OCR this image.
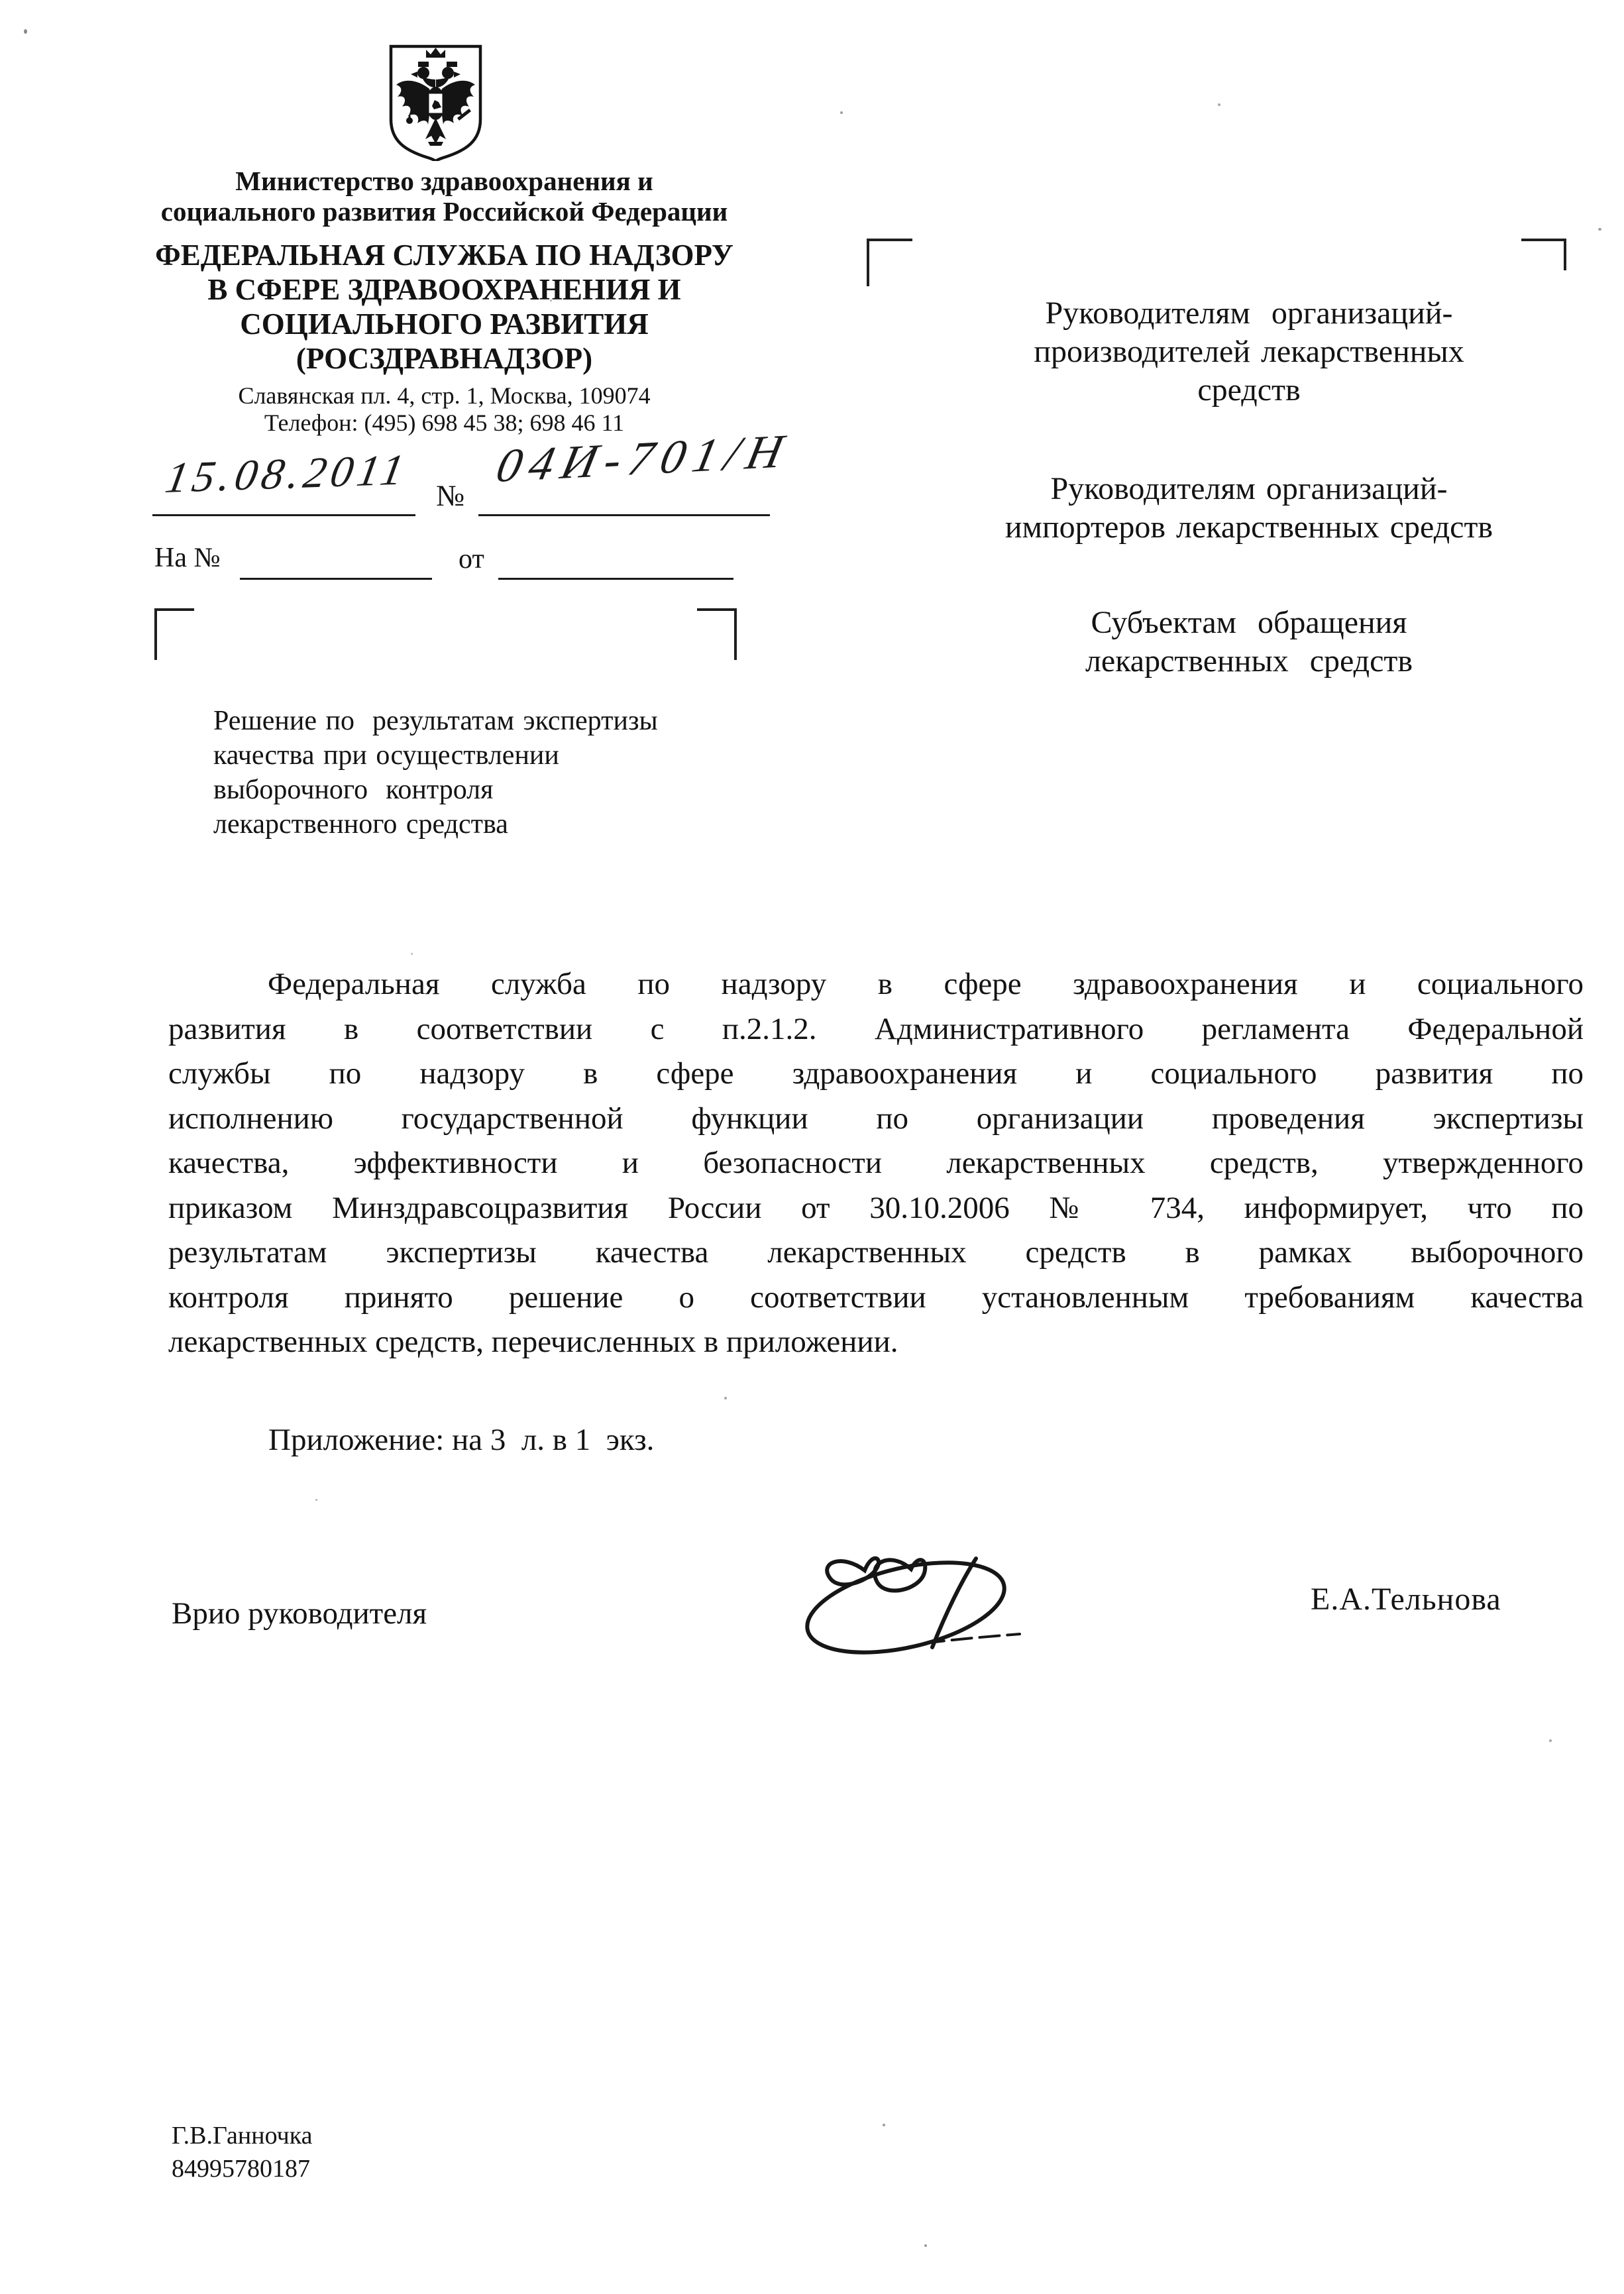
Министерство здравоохранения и
социального развития Российской Федерации
ФЕДЕРАЛЬНАЯ СЛУЖБА ПО НАДЗОРУ
В СФЕРЕ ЗДРАВООХРАНЕНИЯ И
СОЦИАЛЬНОГО РАЗВИТИЯ
(РОСЗДРАВНАДЗОР)
Славянская пл. 4, стр. 1, Москва, 109074
Телефон: (495) 698 45 38; 698 46 11
15.08.2011 №
04И-701/Н
На №	от
Решение по  результатам экспертизы
качества при осуществлении
выборочного  контроля
лекарственного средства
Руководителям  организаций-
производителей лекарственных
средств
Руководителям организаций-
импортеров лекарственных средств
Субъектам  обращения
лекарственных  средств
Федеральная служба по надзору в сфере здравоохранения и социального
развития в соответствии с п.2.1.2. Административного регламента Федеральной
службы по надзору в сфере здравоохранения и социального развития по
исполнению государственной функции по организации проведения экспертизы
качества, эффективности и безопасности лекарственных средств, утвержденного
приказом Минздравсоцразвития России от 30.10.2006 № 734, информирует, что по
результатам экспертизы качества лекарственных средств в рамках выборочного
контроля принято решение о соответствии установленным требованиям качества
лекарственных средств, перечисленных в приложении.
Приложение: на 3  л. в 1  экз.
Врио руководителя	Е.А.Тельнова
Г.В.Ганночка
84995780187
